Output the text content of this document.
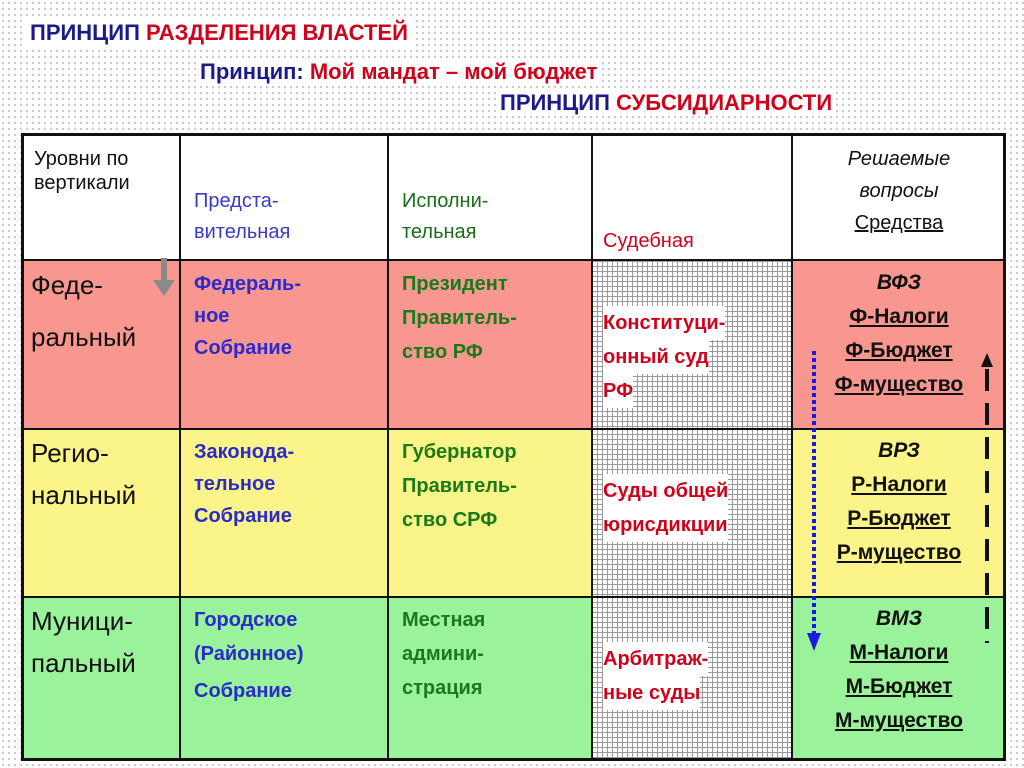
ПРИНЦИП РАЗДЕЛЕНИЯ ВЛАСТЕЙ
Принцип: Мой мандат – мой бюджет
ПРИНЦИП СУБСИДИАРНОСТИ
Уровни по
вертикали
Предста-
вительная
Исполни-
тельная	Судебная
Решаемые
вопросы
Средства
Феде-
ральный
Федераль-
ное
Собрание
Президент
Правитель-
ство РФ
Конституци-
онный суд
РФ
ВФЗ
Ф-Налоги
Ф-Бюджет
Ф-мущество
Регио-
нальный
Законода-
тельное
Собрание
Губернатор
Правитель-
ство СРФ
Суды общей
юрисдикции
ВРЗ
Р-Налоги
Р-Бюджет
Р-мущество
Муници-
пальный
Городское
(Районное)
Собрание
Местная
админи-
страция
Арбитраж-
ные суды
ВМЗ
М-Налоги
М-Бюджет
М-мущество
